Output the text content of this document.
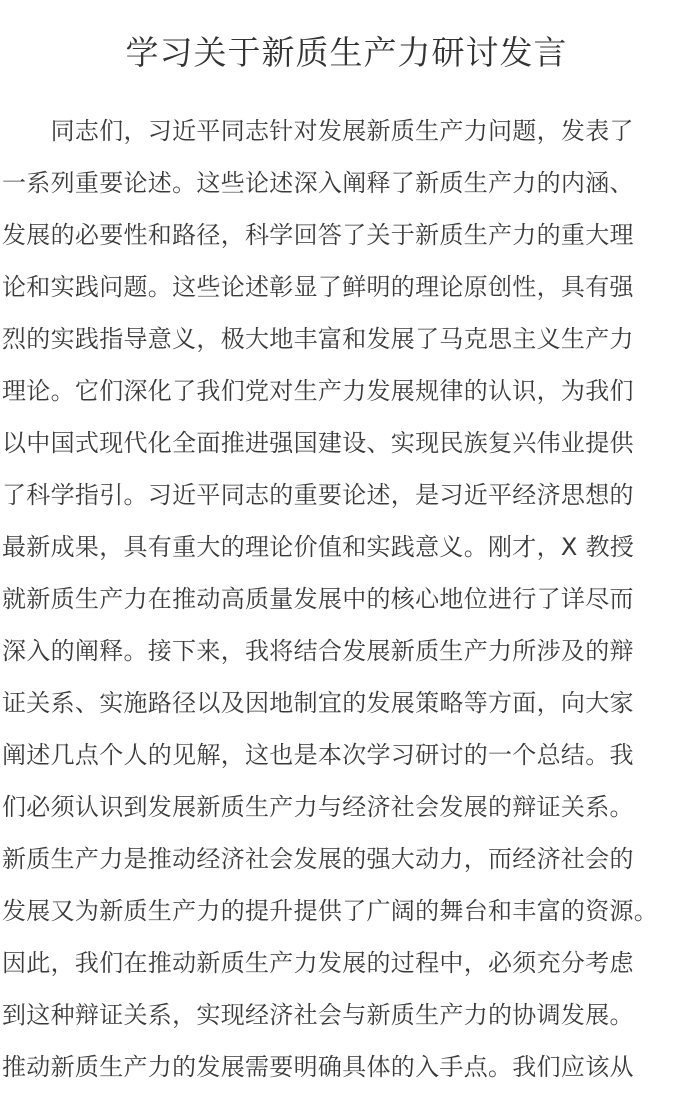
学习关于新质生产力研讨发言
　　同志们，习近平同志针对发展新质生产力问题，发表了
一系列重要论述。这些论述深入阐释了新质生产力的内涵、
发展的必要性和路径，科学回答了关于新质生产力的重大理
论和实践问题。这些论述彰显了鲜明的理论原创性，具有强
烈的实践指导意义，极大地丰富和发展了马克思主义生产力
理论。它们深化了我们党对生产力发展规律的认识，为我们
以中国式现代化全面推进强国建设、实现民族复兴伟业提供
了科学指引。习近平同志的重要论述，是习近平经济思想的
最新成果，具有重大的理论价值和实践意义。刚才，X 教授
就新质生产力在推动高质量发展中的核心地位进行了详尽而
深入的阐释。接下来，我将结合发展新质生产力所涉及的辩
证关系、实施路径以及因地制宜的发展策略等方面，向大家
阐述几点个人的见解，这也是本次学习研讨的一个总结。我
们必须认识到发展新质生产力与经济社会发展的辩证关系。
新质生产力是推动经济社会发展的强大动力，而经济社会的
发展又为新质生产力的提升提供了广阔的舞台和丰富的资源。
因此，我们在推动新质生产力发展的过程中，必须充分考虑
到这种辩证关系，实现经济社会与新质生产力的协调发展。
推动新质生产力的发展需要明确具体的入手点。我们应该从
